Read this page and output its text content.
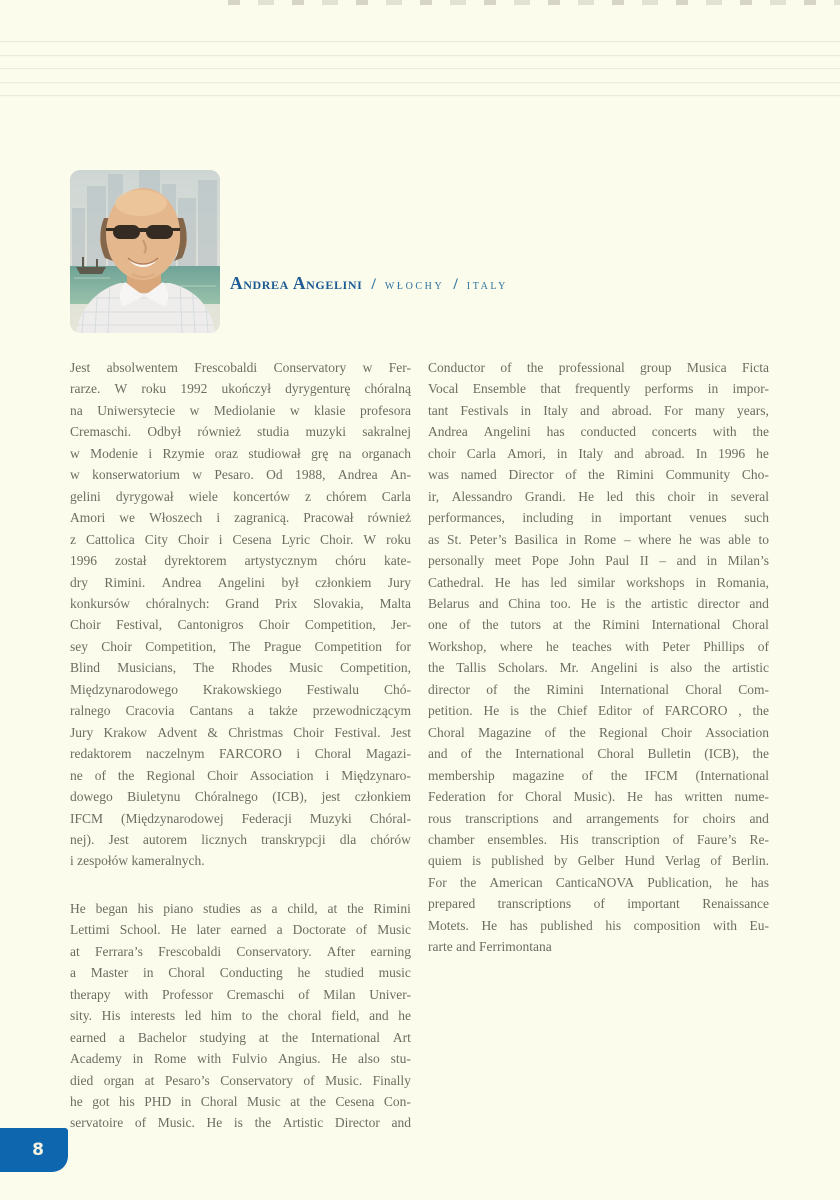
Andrea Angelini / włochy / italy
Jest absolwentem Frescobaldi Conservatory w Fer-
rarze. W roku 1992 ukończył dyrygenturę chóralną
na Uniwersytecie w Mediolanie w klasie profesora
Cremaschi. Odbył również studia muzyki sakralnej
w Modenie i Rzymie oraz studiował grę na organach
w konserwatorium w Pesaro. Od 1988, Andrea An-
gelini dyrygował wiele koncertów z chórem Carla
Amori we Włoszech i zagranicą. Pracował również
z Cattolica City Choir i Cesena Lyric Choir. W roku
1996 został dyrektorem artystycznym chóru kate-
dry Rimini. Andrea Angelini był członkiem Jury
konkursów chóralnych: Grand Prix Slovakia, Malta
Choir Festival, Cantonigros Choir Competition, Jer-
sey Choir Competition, The Prague Competition for
Blind Musicians, The Rhodes Music Competition,
Międzynarodowego Krakowskiego Festiwalu Chó-
ralnego Cracovia Cantans a także przewodniczącym
Jury Krakow Advent & Christmas Choir Festival. Jest
redaktorem naczelnym FARCORO i Choral Magazi-
ne of the Regional Choir Association i Międzynaro-
dowego Biuletynu Chóralnego (ICB), jest członkiem
IFCM (Międzynarodowej Federacji Muzyki Chóral-
nej). Jest autorem licznych transkrypcji dla chórów
i zespołów kameralnych.
He began his piano studies as a child, at the Rimini
Lettimi School. He later earned a Doctorate of Music
at Ferrara’s Frescobaldi Conservatory. After earning
a Master in Choral Conducting he studied music
therapy with Professor Cremaschi of Milan Univer-
sity. His interests led him to the choral field, and he
earned a Bachelor studying at the International Art
Academy in Rome with Fulvio Angius. He also stu-
died organ at Pesaro’s Conservatory of Music. Finally
he got his PHD in Choral Music at the Cesena Con-
servatoire of Music. He is the Artistic Director and
Conductor of the professional group Musica Ficta
Vocal Ensemble that frequently performs in impor-
tant Festivals in Italy and abroad. For many years,
Andrea Angelini has conducted concerts with the
choir Carla Amori, in Italy and abroad. In 1996 he
was named Director of the Rimini Community Cho-
ir, Alessandro Grandi. He led this choir in several
performances, including in important venues such
as St. Peter’s Basilica in Rome – where he was able to
personally meet Pope John Paul II – and in Milan’s
Cathedral. He has led similar workshops in Romania,
Belarus and China too. He is the artistic director and
one of the tutors at the Rimini International Choral
Workshop, where he teaches with Peter Phillips of
the Tallis Scholars. Mr. Angelini is also the artistic
director of the Rimini International Choral Com-
petition. He is the Chief Editor of FARCORO , the
Choral Magazine of the Regional Choir Association
and of the International Choral Bulletin (ICB), the
membership magazine of the IFCM (International
Federation for Choral Music). He has written nume-
rous transcriptions and arrangements for choirs and
chamber ensembles. His transcription of Faure’s Re-
quiem is published by Gelber Hund Verlag of Berlin.
For the American CanticaNOVA Publication, he has
prepared transcriptions of important Renaissance
Motets. He has published his composition with Eu-
rarte and Ferrimontana
8
